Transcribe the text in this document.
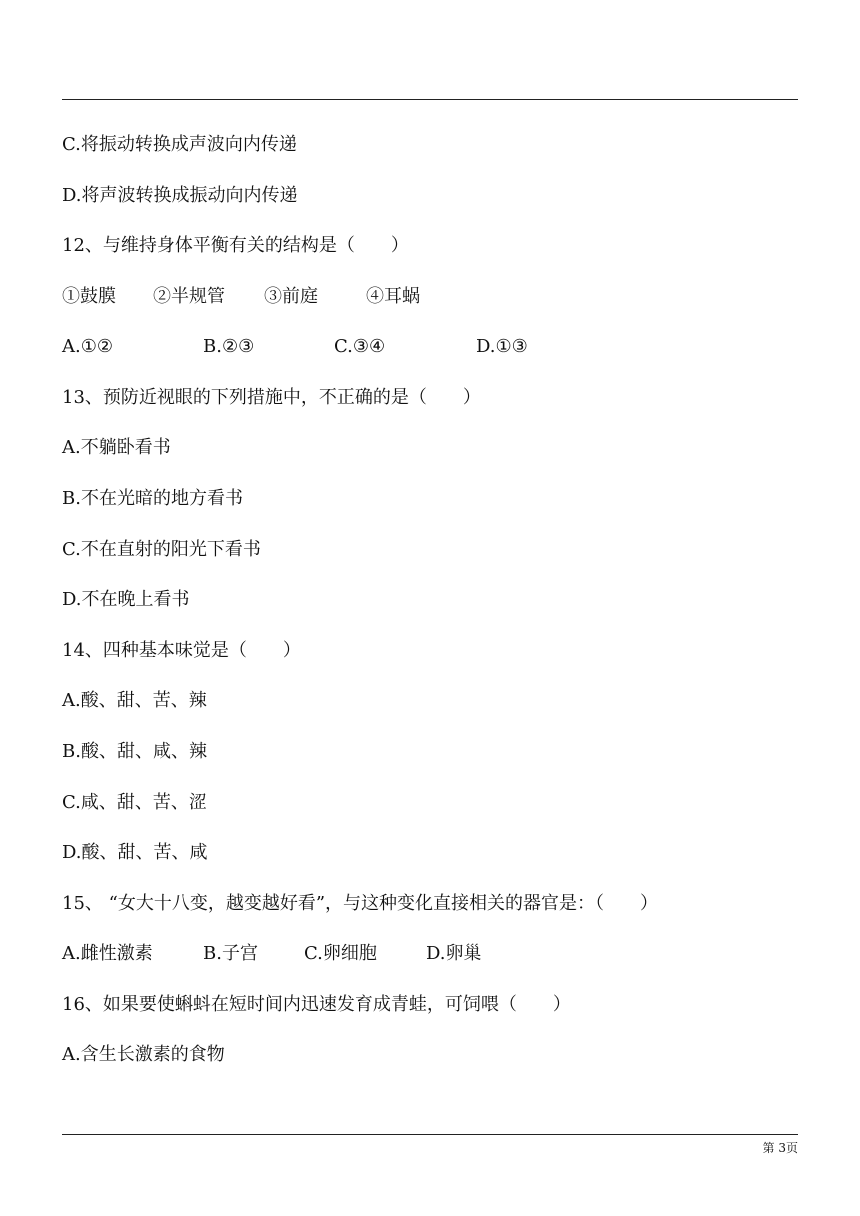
C.将振动转换成声波向内传递
D.将声波转换成振动向内传递
12、与维持身体平衡有关的结构是（　　）
①鼓膜 ②半规管 ③前庭	④耳蜗
A.①②	B.②③	C.③④	D.①③
13、预防近视眼的下列措施中，不正确的是（　　）
A.不躺卧看书
B.不在光暗的地方看书
C.不在直射的阳光下看书
D.不在晚上看书
14、四种基本味觉是（　　）
A.酸、甜、苦、辣
B.酸、甜、咸、辣
C.咸、甜、苦、涩
D.酸、甜、苦、咸
15、 “女大十八变，越变越好看”，与这种变化直接相关的器官是：（　　）
A.雌性激素	B.子宫	C.卵细胞	D.卵巢
16、如果要使蝌蚪在短时间内迅速发育成青蛙，可饲喂（　　）
A.含生长激素的食物
第 3页
